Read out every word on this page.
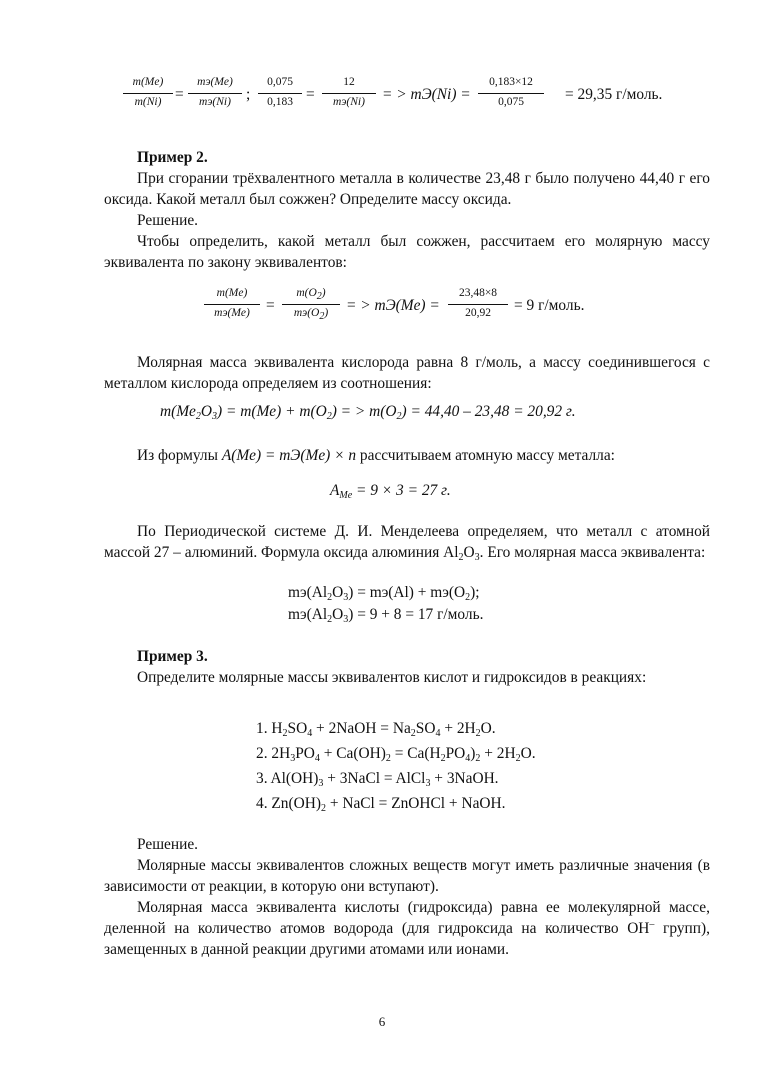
m(Me)
m(Ni) =
mэ(Me)
mэ(Ni) ;
0,075
0,183 =
12
mэ(Ni)	= > mЭ(Ni) =
0,183×12
0,075	= 29,35 г/моль.
Пример 2.
При сгорании трёхвалентного металла в количестве 23,48 г было получено 44,40 г его оксида. Какой металл был сожжен? Определите массу оксида.
Решение.
Чтобы определить, какой металл был сожжен, рассчитаем его молярную массу эквивалента по закону эквивалентов:
m(Me)
mэ(Me)	=
$m(O_2)$
$mэ(O_2)$	= > mЭ(Me) =
23,48×8
20,92	= 9 г/моль.
Молярная масса эквивалента кислорода равна 8 г/моль, а массу соединившегося с металлом кислорода определяем из соотношения:
$m(Me_2O_3) = m(Me) + m(O_2)$ = > $m(O_2) = 44,40 - 23,48 = 20,92$ г.
Из формулы A(Me) = mЭ(Me) × n рассчитываем атомную массу металла:
$A_{Me} = 9 \times 3 = 27$ г.
По Периодической системе Д. И. Менделеева определяем, что металл с атомной массой 27 – алюминий. Формула оксида алюминия $Al_2O_3$. Его молярная масса эквивалента:
$mэ(Al_2O_3) = mэ(Al) + mэ(O_2)$;
$mэ(Al_2O_3) = 9 + 8 = 17$ г/моль.
Пример 3.
Определите молярные массы эквивалентов кислот и гидроксидов в реакциях:
1. $H_2SO_4$ + 2NaOH = $Na_2SO_4 + 2H_2O$.
2. $2H_3PO_4 + Ca(OH)_2 = Ca(H_2PO_4)_2 + 2H_2O$.
3. $Al(OH)_3$ + 3NaCl = AlCl$_3$ + 3NaOH.
4. $Zn(OH)_2$ + NaCl = ZnOHCl + NaOH.
Решение.
Молярные массы эквивалентов сложных веществ могут иметь различные значения (в зависимости от реакции, в которую они вступают).
Молярная масса эквивалента кислоты (гидроксида) равна ее молекулярной массе, деленной на количество атомов водорода (для гидроксида на количество OH– групп), замещенных в данной реакции другими атомами или ионами.
6
